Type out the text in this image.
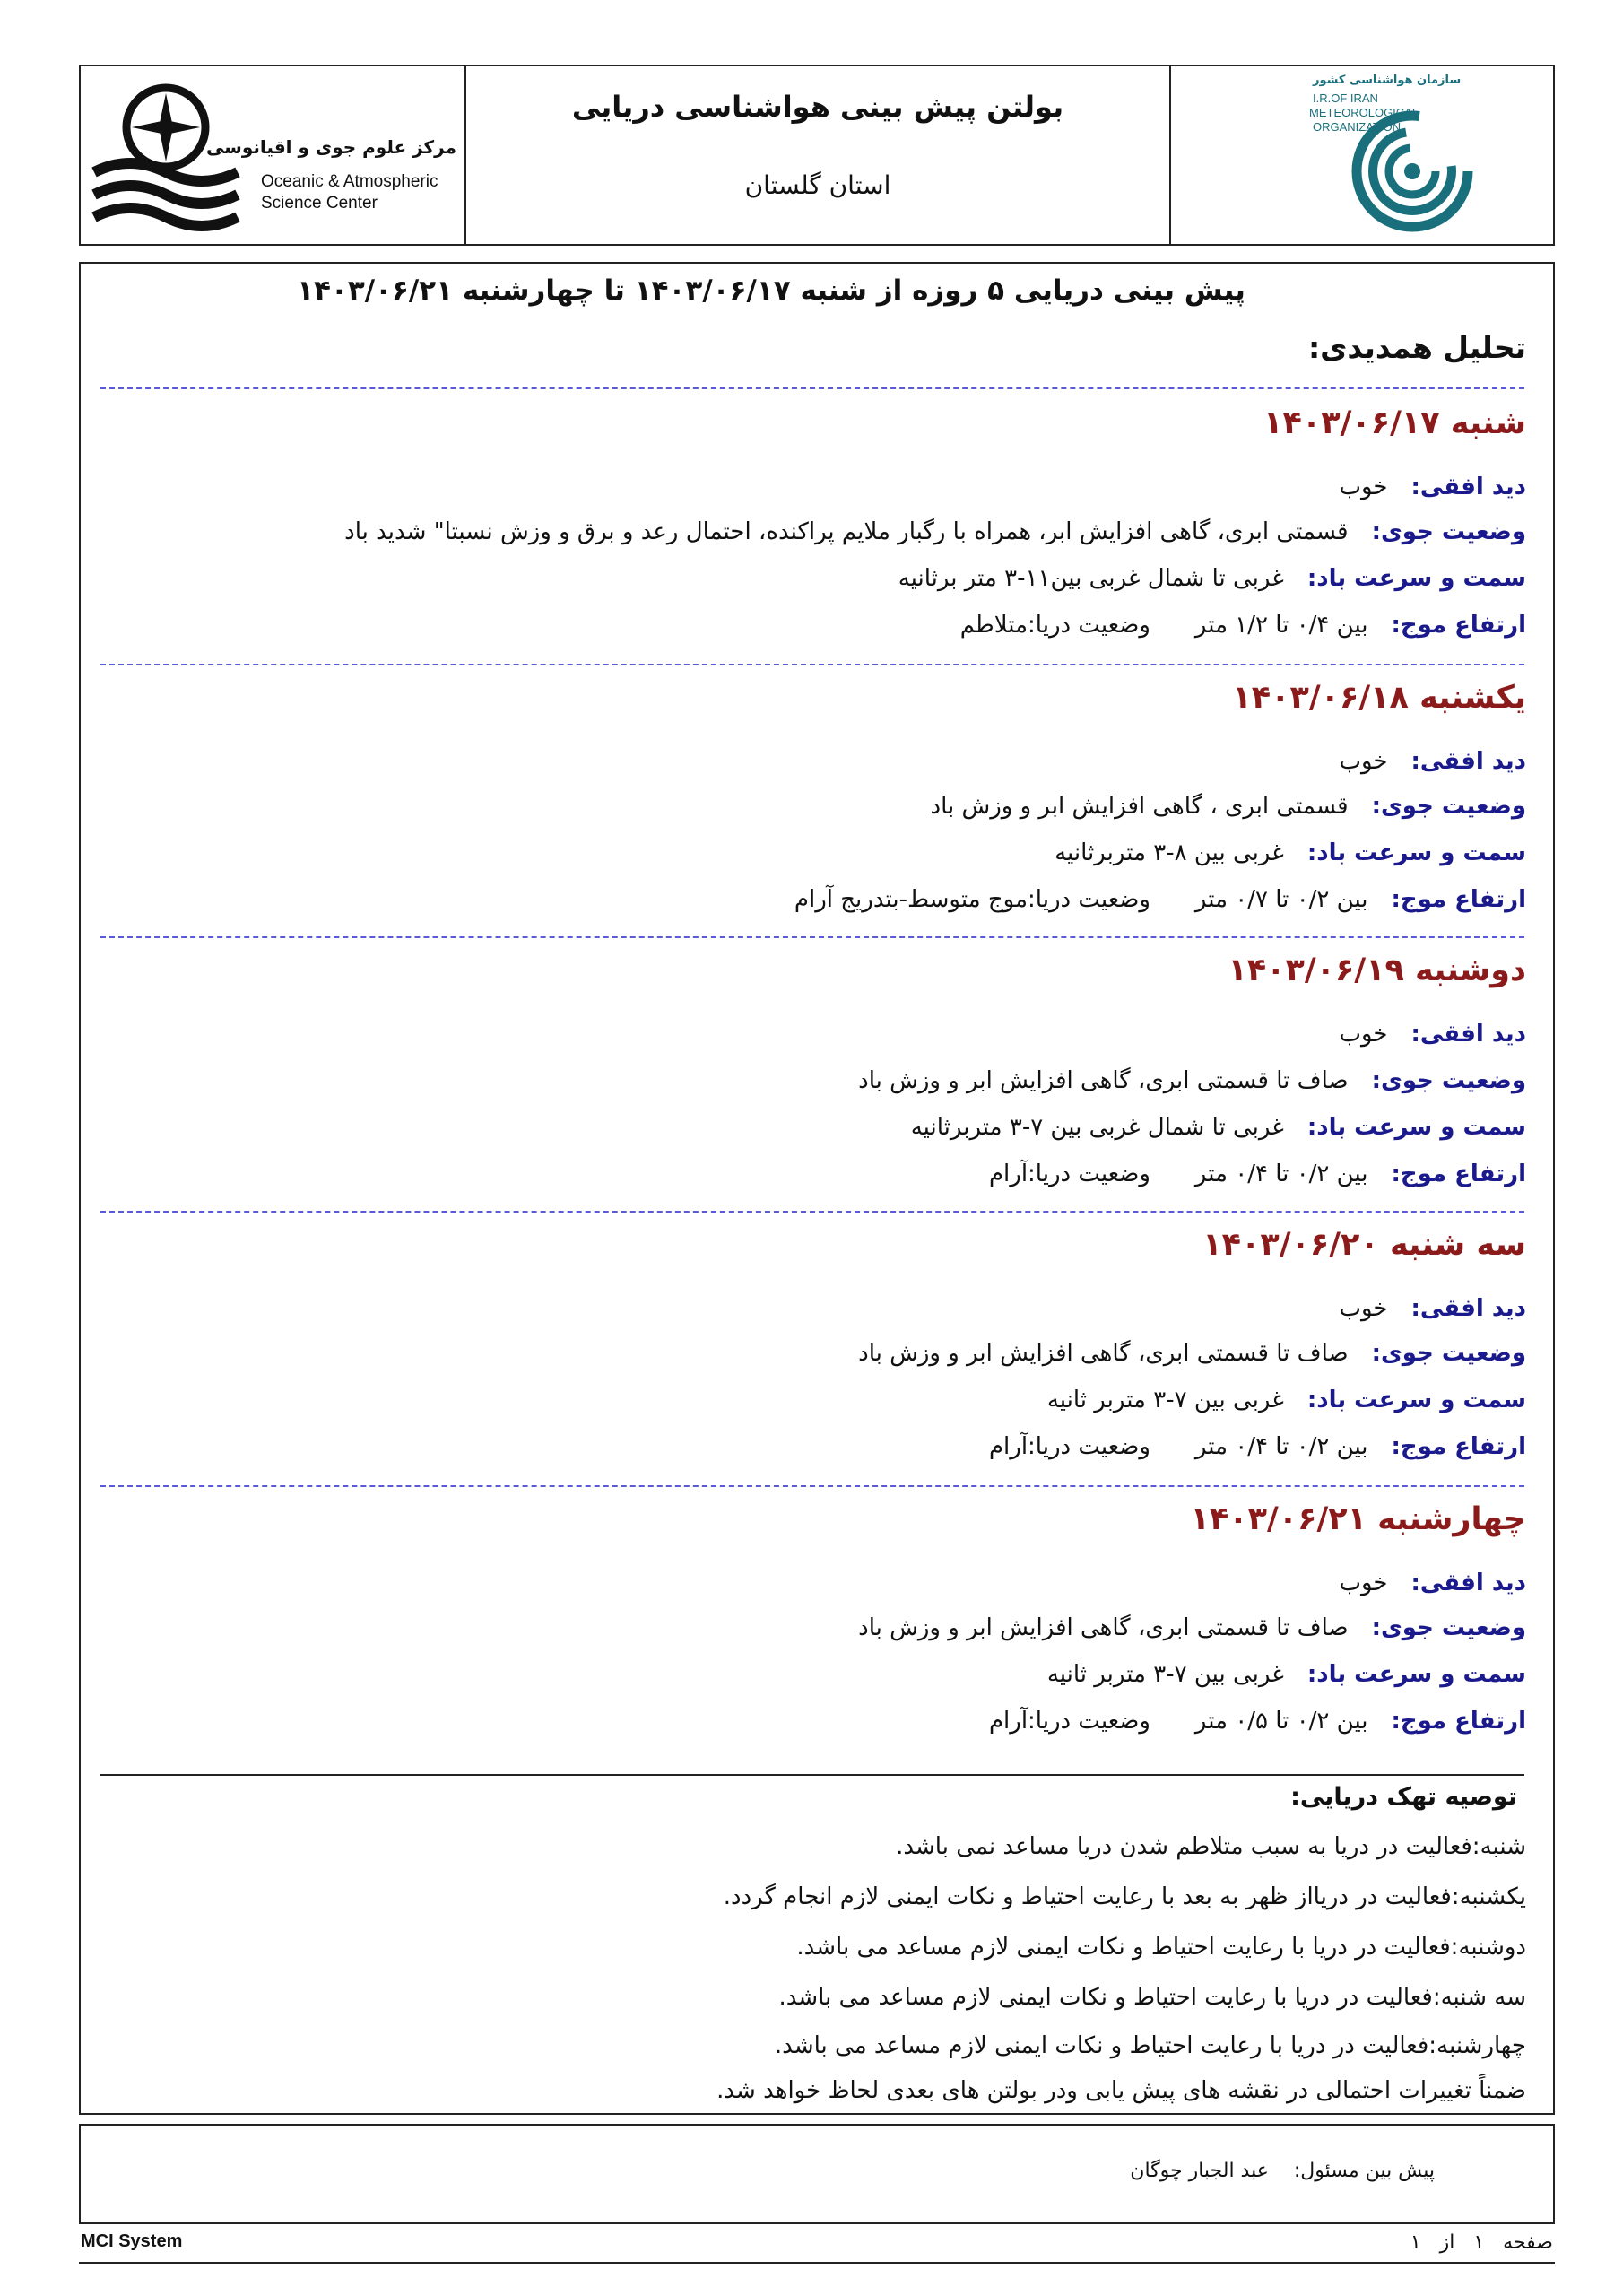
مرکز علوم جوی و اقیانوسی
Oceanic & Atmospheric
Science Center
بولتن پیش بینی هواشناسی دریایی
استان گلستان
سازمان هواشناسی کشور
I.R.OF IRAN
METEOROLOGICAL
ORGANIZATION
پیش بینی دریایی ۵ روزه از شنبه ۱۴۰۳/۰۶/۱۷ تا چهارشنبه ۱۴۰۳/۰۶/۲۱
تحلیل همدیدی:
شنبه ۱۴۰۳/۰۶/۱۷
دید افقی:
خوب
وضعیت جوی:
قسمتی ابری، گاهی افزایش ابر، همراه با رگبار ملایم پراکنده، احتمال رعد و برق و وزش نسبتا" شدید باد
سمت و سرعت باد:
غربی تا شمال غربی بین۱۱-۳ متر برثانیه
ارتفاع موج:
بین ۰/۴ تا ۱/۲ متر
وضعیت دریا:متلاطم
یکشنبه ۱۴۰۳/۰۶/۱۸
دید افقی:
خوب
وضعیت جوی:
قسمتی ابری ، گاهی افزایش ابر و وزش باد
سمت و سرعت باد:
غربی بین ۸-۳ متربرثانیه
ارتفاع موج:
بین ۰/۲ تا ۰/۷ متر
وضعیت دریا:موج متوسط-بتدریج آرام
دوشنبه ۱۴۰۳/۰۶/۱۹
دید افقی:
خوب
وضعیت جوی:
صاف تا قسمتی ابری، گاهی افزایش ابر و وزش باد
سمت و سرعت باد:
غربی تا شمال غربی بین ۷-۳ متربرثانیه
ارتفاع موج:
بین ۰/۲ تا ۰/۴ متر
وضعیت دریا:آرام
سه شنبه ۱۴۰۳/۰۶/۲۰
دید افقی:
خوب
وضعیت جوی:
صاف تا قسمتی ابری، گاهی افزایش ابر و وزش باد
سمت و سرعت باد:
غربی بین ۷-۳ متربر ثانیه
ارتفاع موج:
بین ۰/۲ تا ۰/۴ متر
وضعیت دریا:آرام
چهارشنبه ۱۴۰۳/۰۶/۲۱
دید افقی:
خوب
وضعیت جوی:
صاف تا قسمتی ابری، گاهی افزایش ابر و وزش باد
سمت و سرعت باد:
غربی بین ۷-۳ متربر ثانیه
ارتفاع موج:
بین ۰/۲ تا ۰/۵ متر
وضعیت دریا:آرام
توصیه تهک دریایی:
شنبه:فعالیت در دریا به سبب متلاطم شدن دریا مساعد نمی باشد.
یکشنبه:فعالیت در دریااز ظهر به بعد با رعایت احتیاط و نکات ایمنی لازم انجام گردد.
دوشنبه:فعالیت در دریا با رعایت احتیاط و نکات ایمنی لازم مساعد می باشد.
سه شنبه:فعالیت در دریا با رعایت احتیاط و نکات ایمنی لازم مساعد می باشد.
چهارشنبه:فعالیت در دریا با رعایت احتیاط و نکات ایمنی لازم مساعد می باشد.
ضمناً تغییرات احتمالی در نقشه های پیش یابی ودر بولتن های بعدی لحاظ خواهد شد.
پیش بین مسئول:  عبد الجبار چوگان
MCI System	صفحه   ۱   از   ۱
